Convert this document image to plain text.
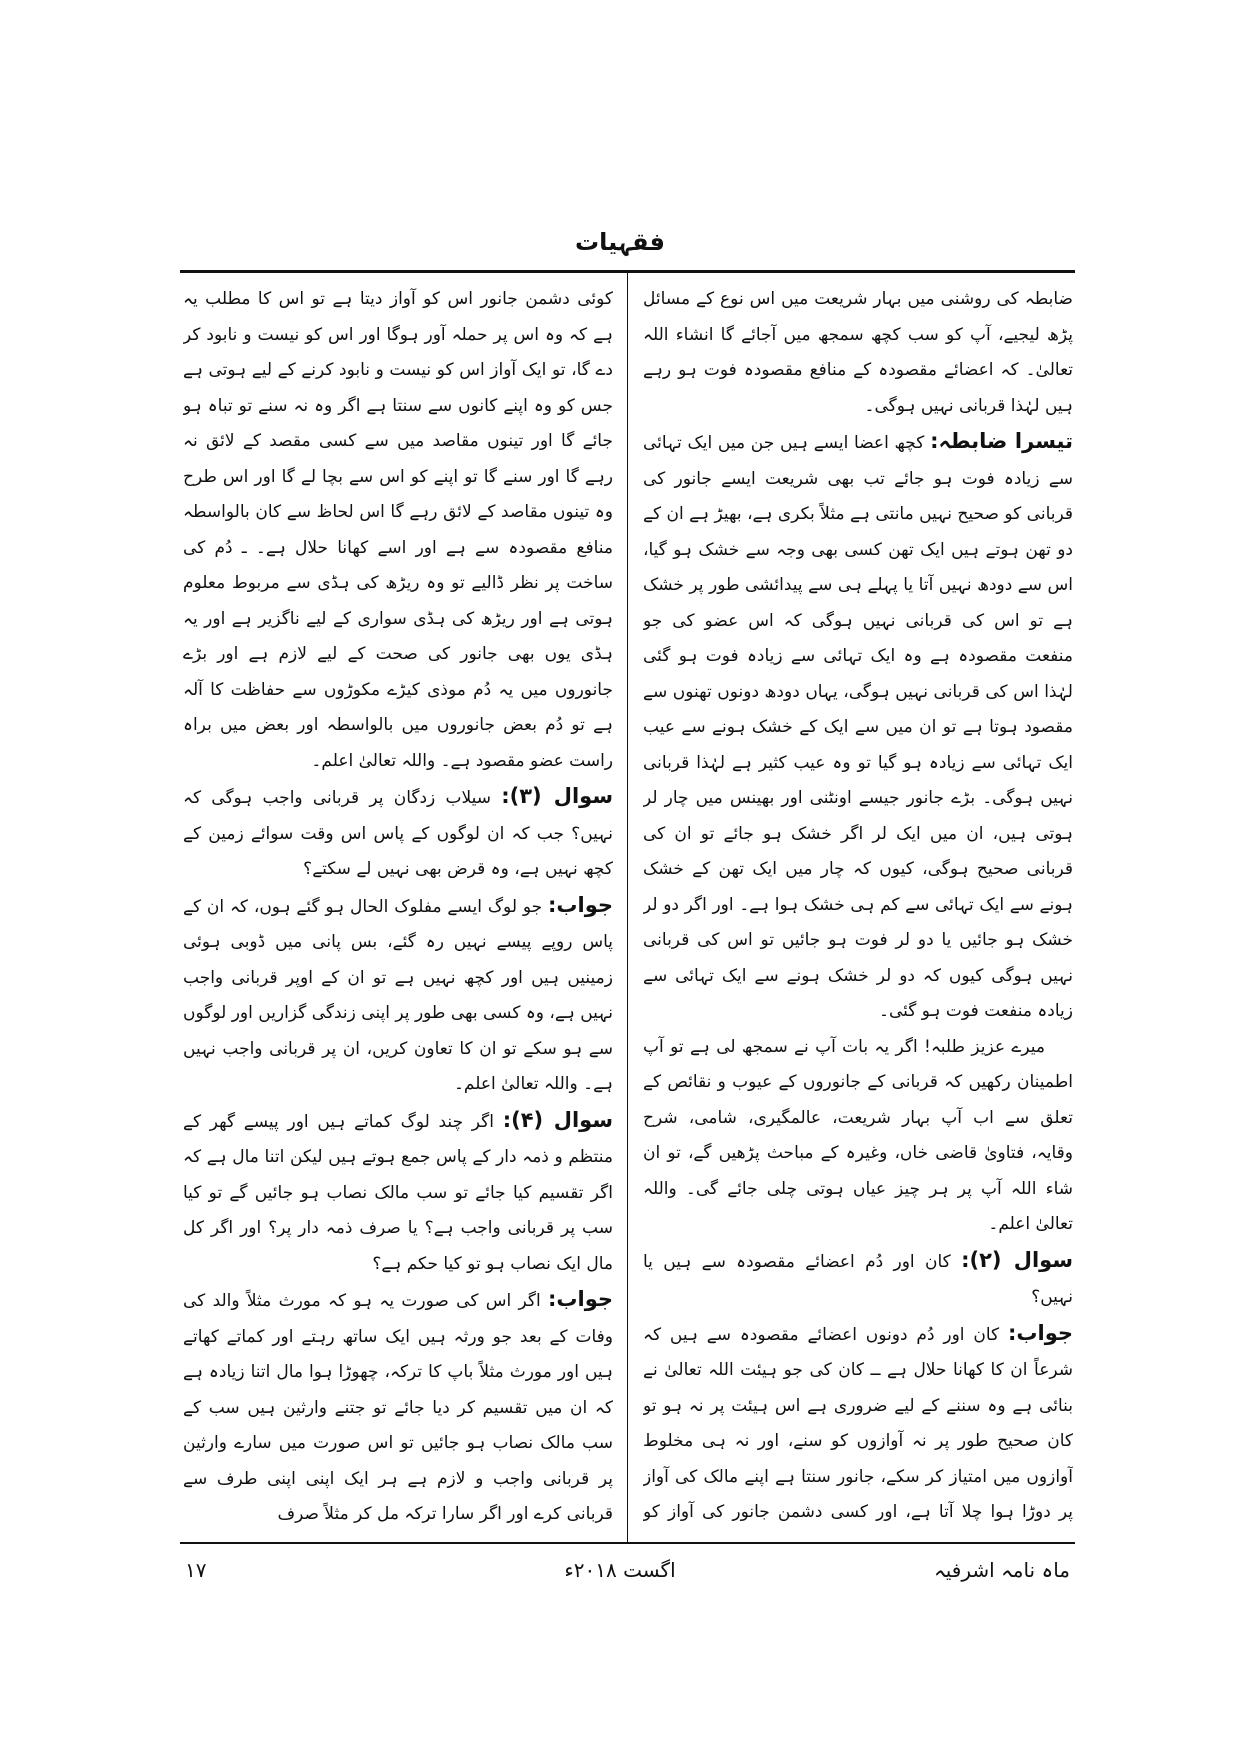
فقہیات

ضابطہ کی روشنی میں بہار شریعت میں اس نوع کے مسائل پڑھ لیجیے، آپ کو سب کچھ سمجھ میں آجائے گا انشاء اللہ تعالیٰ۔ کہ اعضائے مقصودہ کے منافع مقصودہ فوت ہو رہے ہیں لہٰذا قربانی نہیں ہوگی۔

تیسرا ضابطہ: کچھ اعضا ایسے ہیں جن میں ایک تہائی سے زیادہ فوت ہو جائے تب بھی شریعت ایسے جانور کی قربانی کو صحیح نہیں مانتی ہے مثلاً بکری ہے، بھیڑ ہے ان کے دو تھن ہوتے ہیں ایک تھن کسی بھی وجہ سے خشک ہو گیا، اس سے دودھ نہیں آتا یا پہلے ہی سے پیدائشی طور پر خشک ہے تو اس کی قربانی نہیں ہوگی کہ اس عضو کی جو منفعت مقصودہ ہے وہ ایک تہائی سے زیادہ فوت ہو گئی لہٰذا اس کی قربانی نہیں ہوگی، یہاں دودھ دونوں تھنوں سے مقصود ہوتا ہے تو ان میں سے ایک کے خشک ہونے سے عیب ایک تہائی سے زیادہ ہو گیا تو وہ عیب کثیر ہے لہٰذا قربانی نہیں ہوگی۔ بڑے جانور جیسے اونٹنی اور بھینس میں چار لر ہوتی ہیں، ان میں ایک لر اگر خشک ہو جائے تو ان کی قربانی صحیح ہوگی، کیوں کہ چار میں ایک تھن کے خشک ہونے سے ایک تہائی سے کم ہی خشک ہوا ہے۔ اور اگر دو لر خشک ہو جائیں یا دو لر فوت ہو جائیں تو اس کی قربانی نہیں ہوگی کیوں کہ دو لر خشک ہونے سے ایک تہائی سے زیادہ منفعت فوت ہو گئی۔

میرے عزیز طلبہ! اگر یہ بات آپ نے سمجھ لی ہے تو آپ اطمینان رکھیں کہ قربانی کے جانوروں کے عیوب و نقائص کے تعلق سے اب آپ بہار شریعت، عالمگیری، شامی، شرح وقایہ، فتاویٰ قاضی خاں، وغیرہ کے مباحث پڑھیں گے، تو ان شاء اللہ آپ پر ہر چیز عیاں ہوتی چلی جائے گی۔ واللہ تعالیٰ اعلم۔

سوال (۲): کان اور دُم اعضائے مقصودہ سے ہیں یا نہیں؟

جواب: کان اور دُم دونوں اعضائے مقصودہ سے ہیں کہ شرعاً ان کا کھانا حلال ہے ــ کان کی جو ہیئت اللہ تعالیٰ نے بنائی ہے وہ سننے کے لیے ضروری ہے اس ہیئت پر نہ ہو تو کان صحیح طور پر نہ آوازوں کو سنے، اور نہ ہی مخلوط آوازوں میں امتیاز کر سکے، جانور سنتا ہے اپنے مالک کی آواز پر دوڑا ہوا چلا آتا ہے، اور کسی دشمن جانور کی آواز کو

کوئی دشمن جانور اس کو آواز دیتا ہے تو اس کا مطلب یہ ہے کہ وہ اس پر حملہ آور ہوگا اور اس کو نیست و نابود کر دے گا، تو ایک آواز اس کو نیست و نابود کرنے کے لیے ہوتی ہے جس کو وہ اپنے کانوں سے سنتا ہے اگر وہ نہ سنے تو تباہ ہو جائے گا اور تینوں مقاصد میں سے کسی مقصد کے لائق نہ رہے گا اور سنے گا تو اپنے کو اس سے بچا لے گا اور اس طرح وہ تینوں مقاصد کے لائق رہے گا اس لحاظ سے کان بالواسطہ منافع مقصودہ سے ہے اور اسے کھانا حلال ہے۔ ـ دُم کی ساخت پر نظر ڈالیے تو وہ ریڑھ کی ہڈی سے مربوط معلوم ہوتی ہے اور ریڑھ کی ہڈی سواری کے لیے ناگزیر ہے اور یہ ہڈی یوں بھی جانور کی صحت کے لیے لازم ہے اور بڑے جانوروں میں یہ دُم موذی کیڑے مکوڑوں سے حفاظت کا آلہ ہے تو دُم بعض جانوروں میں بالواسطہ اور بعض میں براہ راست عضو مقصود ہے۔ واللہ تعالیٰ اعلم۔

سوال (۳): سیلاب زدگان پر قربانی واجب ہوگی کہ نہیں؟ جب کہ ان لوگوں کے پاس اس وقت سوائے زمین کے کچھ نہیں ہے، وہ قرض بھی نہیں لے سکتے؟

جواب: جو لوگ ایسے مفلوک الحال ہو گئے ہوں، کہ ان کے پاس روپے پیسے نہیں رہ گئے، بس پانی میں ڈوبی ہوئی زمینیں ہیں اور کچھ نہیں ہے تو ان کے اوپر قربانی واجب نہیں ہے، وہ کسی بھی طور پر اپنی زندگی گزاریں اور لوگوں سے ہو سکے تو ان کا تعاون کریں، ان پر قربانی واجب نہیں ہے۔ واللہ تعالیٰ اعلم۔

سوال (۴): اگر چند لوگ کماتے ہیں اور پیسے گھر کے منتظم و ذمہ دار کے پاس جمع ہوتے ہیں لیکن اتنا مال ہے کہ اگر تقسیم کیا جائے تو سب مالک نصاب ہو جائیں گے تو کیا سب پر قربانی واجب ہے؟ یا صرف ذمہ دار پر؟ اور اگر کل مال ایک نصاب ہو تو کیا حکم ہے؟

جواب: اگر اس کی صورت یہ ہو کہ مورث مثلاً والد کی وفات کے بعد جو ورثہ ہیں ایک ساتھ رہتے اور کماتے کھاتے ہیں اور مورث مثلاً باپ کا ترکہ، چھوڑا ہوا مال اتنا زیادہ ہے کہ ان میں تقسیم کر دیا جائے تو جتنے وارثین ہیں سب کے سب مالک نصاب ہو جائیں تو اس صورت میں سارے وارثین پر قربانی واجب و لازم ہے ہر ایک اپنی اپنی طرف سے قربانی کرے اور اگر سارا ترکہ مل کر مثلاً صرف

ماہ نامہ اشرفیہ
اگست ۲۰۱۸ء
۱۷
